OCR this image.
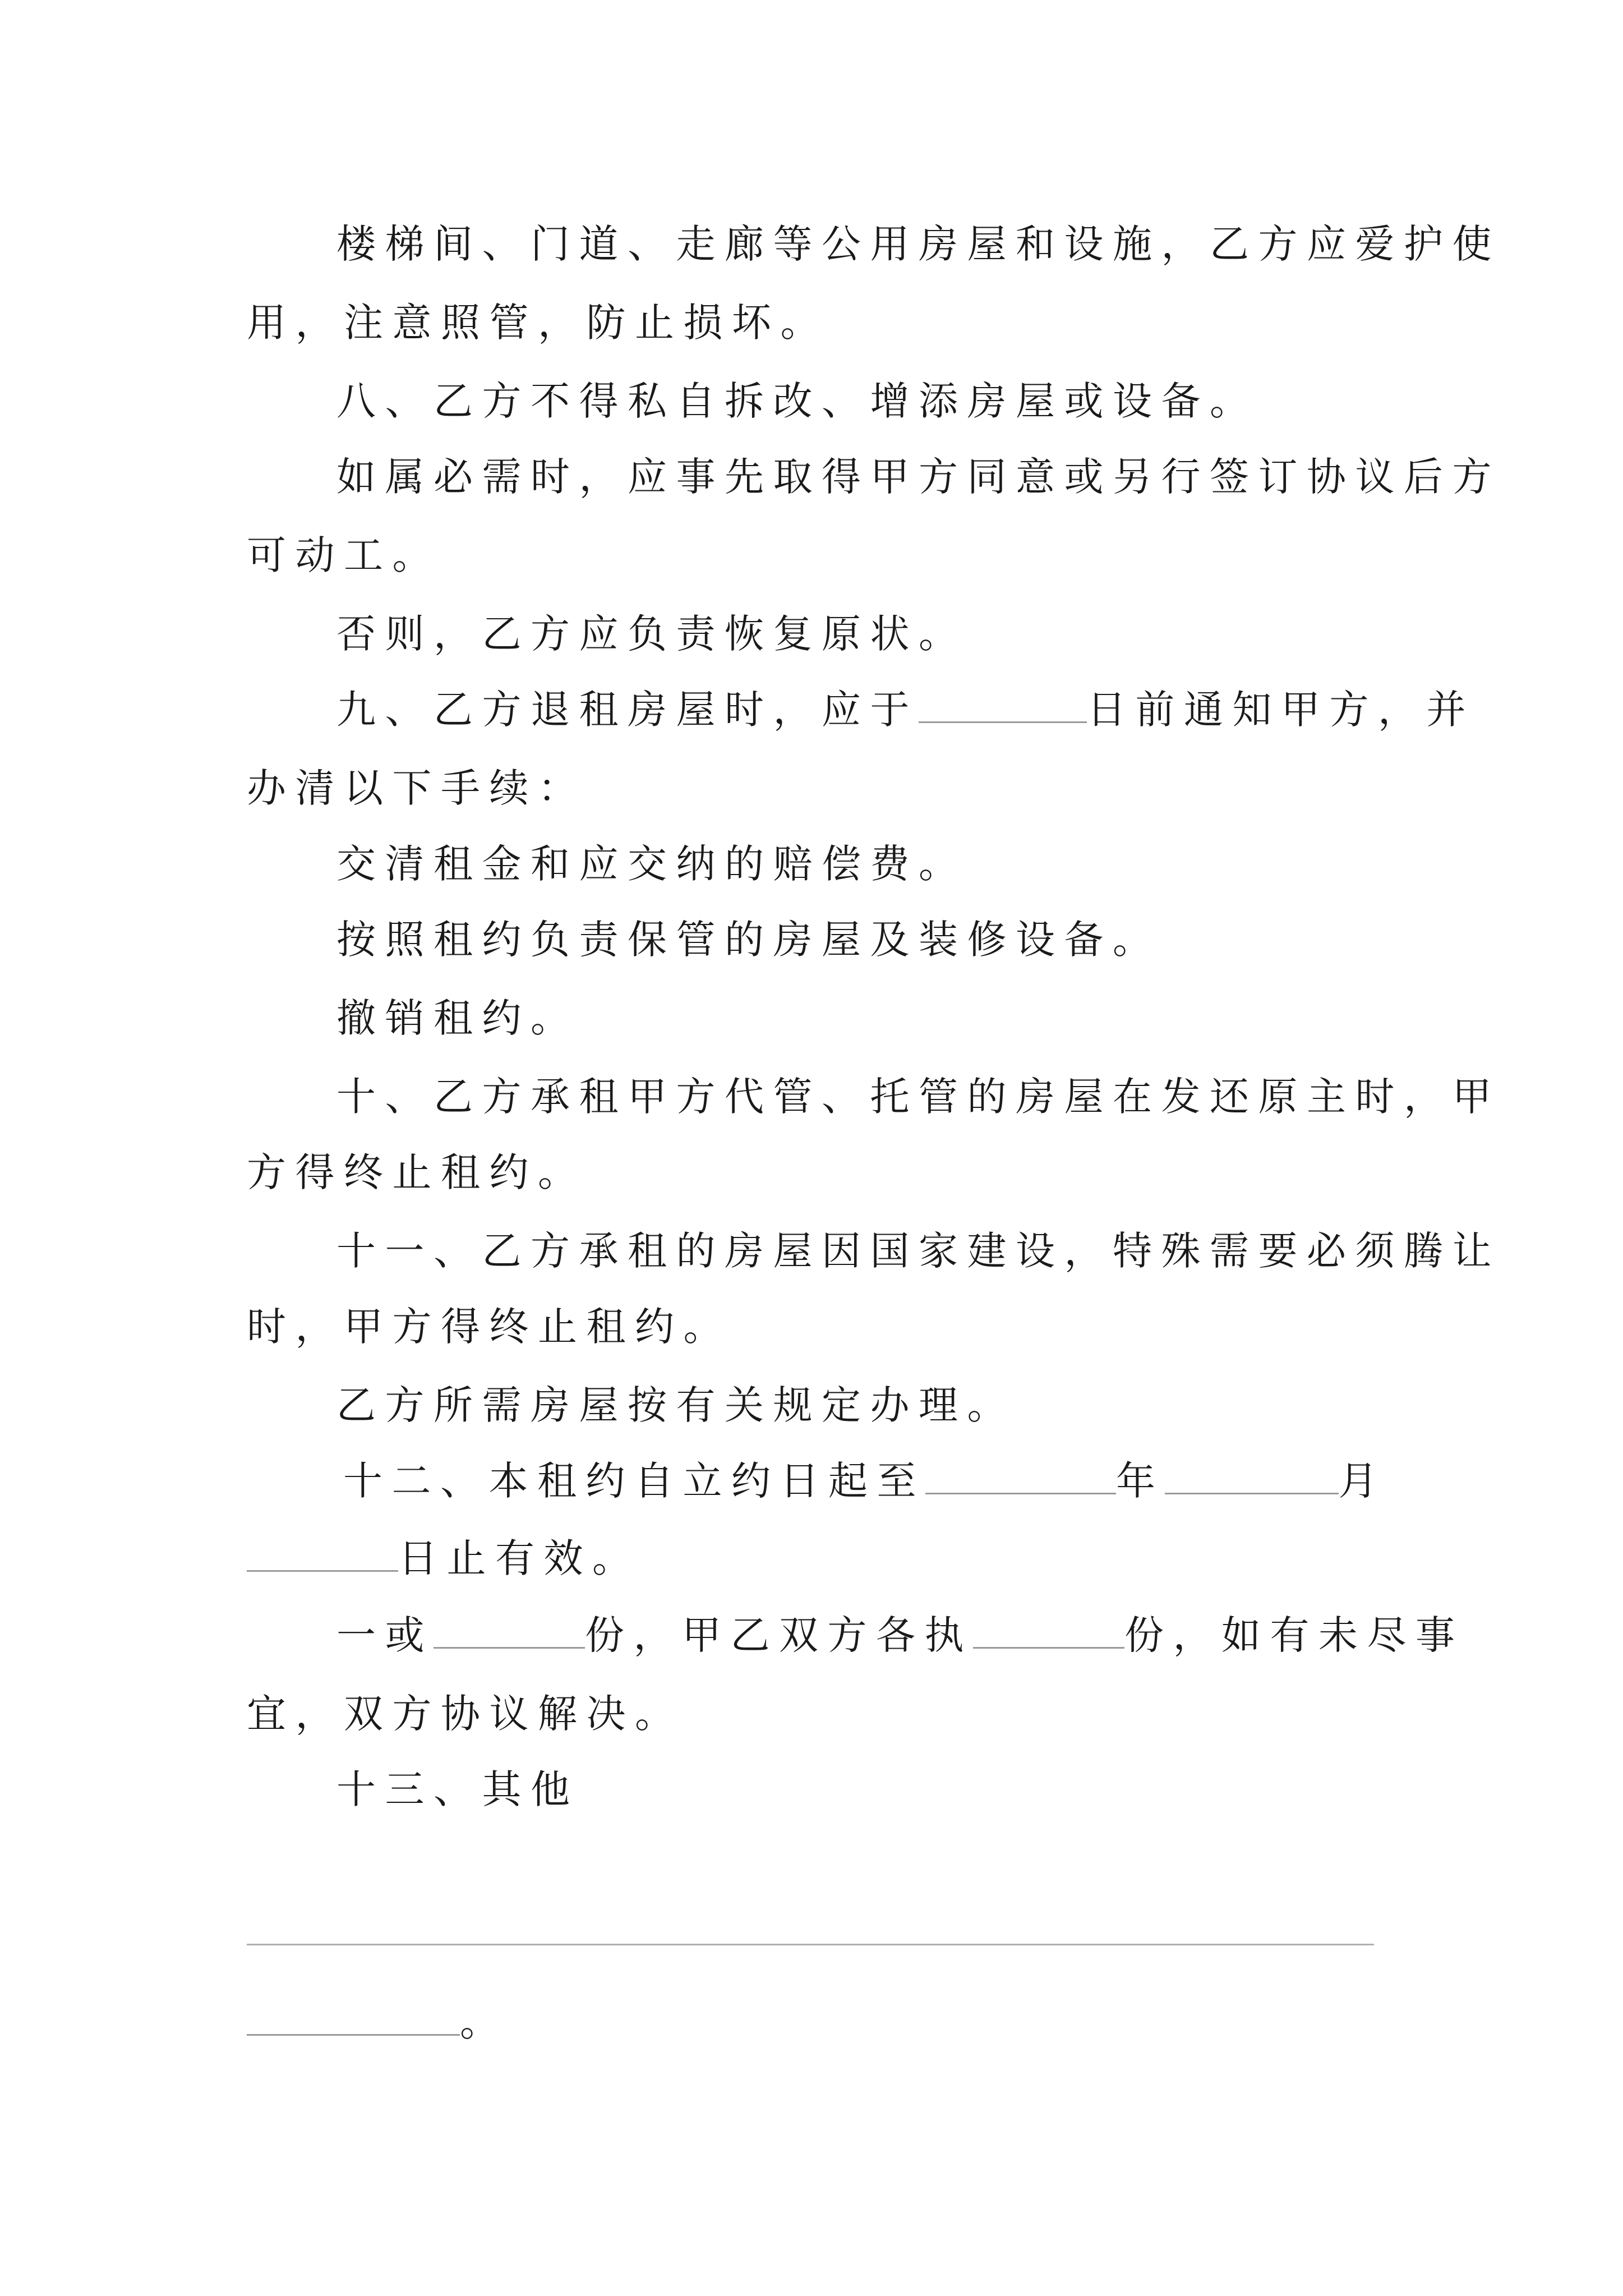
楼梯间、门道、走廊等公用房屋和设施，乙方应爱护使
用，注意照管，防止损坏。
八、乙方不得私自拆改、增添房屋或设备。
如属必需时，应事先取得甲方同意或另行签订协议后方
可动工。
否则，乙方应负责恢复原状。
九、乙方退租房屋时，应于	日前通知甲方，并
办清以下手续：
交清租金和应交纳的赔偿费。
按照租约负责保管的房屋及装修设备。
撤销租约。
十、乙方承租甲方代管、托管的房屋在发还原主时，甲
方得终止租约。
十一、乙方承租的房屋因国家建设，特殊需要必须腾让
时，甲方得终止租约。
乙方所需房屋按有关规定办理。
十二、本租约自立约日起至	年	月
日止有效。
一或	份，甲乙双方各执	份，如有未尽事
宜，双方协议解决。
十三、其他
。
